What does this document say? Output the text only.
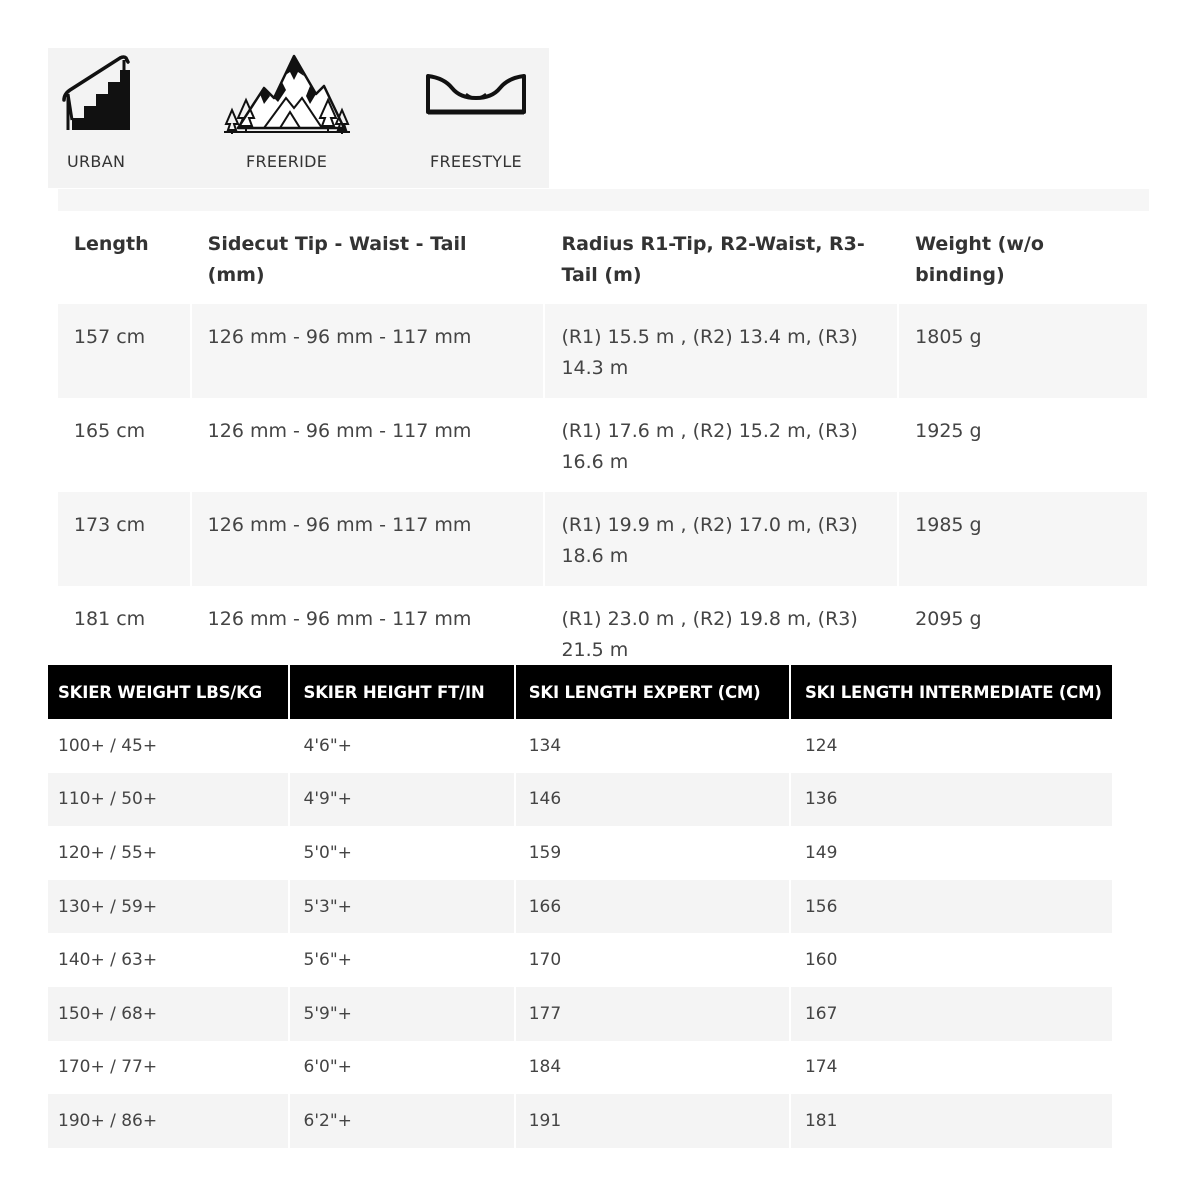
URBAN	FREERIDE	FREESTYLE

	Length	Sidecut Tip - Waist - Tail (mm)	Radius R1-Tip, R2-Waist, R3-Tail (m)	Weight (w/o binding)

	157 cm	126 mm - 96 mm - 117 mm	(R1) 15.5 m , (R2) 13.4 m, (R3) 14.3 m	1805 g

	165 cm	126 mm - 96 mm - 117 mm	(R1) 17.6 m , (R2) 15.2 m, (R3) 16.6 m	1925 g

	173 cm	126 mm - 96 mm - 117 mm	(R1) 19.9 m , (R2) 17.0 m, (R3) 18.6 m	1985 g

	181 cm	126 mm - 96 mm - 117 mm	(R1) 23.0 m , (R2) 19.8 m, (R3) 21.5 m	2095 g
SKIER WEIGHT LBS/KG	SKIER HEIGHT FT/IN	SKI LENGTH EXPERT (CM)	SKI LENGTH INTERMEDIATE (CM)
100+ / 45+	4'6"+	134	124
110+ / 50+	4'9"+	146	136
120+ / 55+	5'0"+	159	149
130+ / 59+	5'3"+	166	156
140+ / 63+	5'6"+	170	160
150+ / 68+	5'9"+	177	167
170+ / 77+	6'0"+	184	174
190+ / 86+	6'2"+	191	181
